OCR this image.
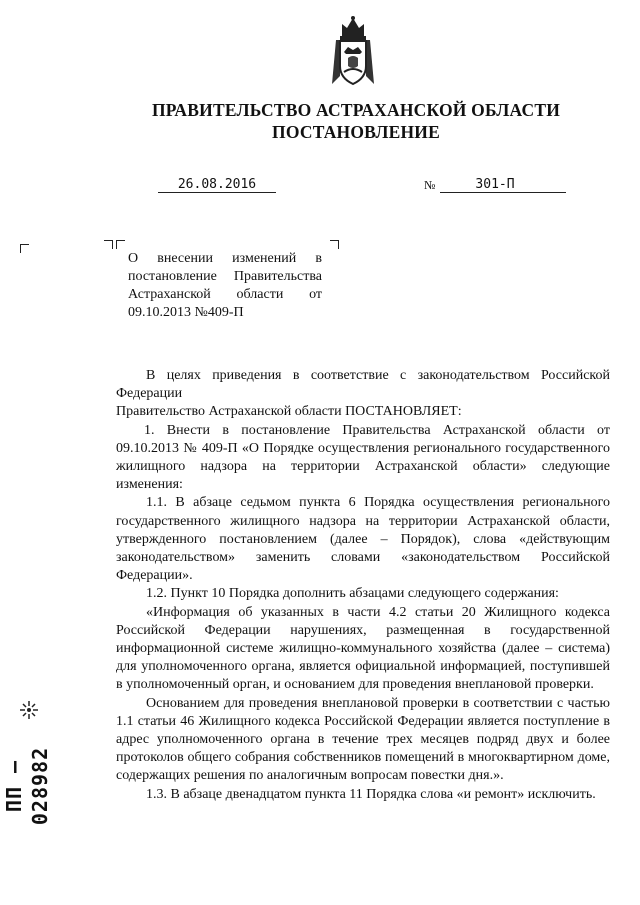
ПРАВИТЕЛЬСТВО АСТРАХАНСКОЙ ОБЛАСТИ
ПОСТАНОВЛЕНИЕ
26.08.2016	№	301-П
О внесении изменений в
постановление Правительства
Астраханской области от
09.10.2013 №409-П

В целях приведения в соответствие с законодательством Российской Федерации

Правительство Астраханской области ПОСТАНОВЛЯЕТ:

1. Внести в постановление Правительства Астраханской области от 09.10.2013 № 409-П «О Порядке осуществления регионального государственного жилищного надзора на территории Астраханской области» следующие изменения:

1.1. В абзаце седьмом пункта 6 Порядка осуществления регионального государственного жилищного надзора на территории Астраханской области, утвержденного постановлением (далее – Порядок), слова «действующим законодательством» заменить словами «законодательством Российской Федерации».

1.2. Пункт 10 Порядка дополнить абзацами следующего содержания:

«Информация об указанных в части 4.2 статьи 20 Жилищного кодекса Российской Федерации нарушениях, размещенная в государственной информационной системе жилищно-коммунального хозяйства (далее – система) для уполномоченного органа, является официальной информацией, поступившей в уполномоченный орган, и основанием для проведения внеплановой проверки.

Основанием для проведения внеплановой проверки в соответствии с частью 1.1 статьи 46 Жилищного кодекса Российской Федерации является поступление в адрес уполномоченного органа в течение трех месяцев подряд двух и более протоколов общего собрания собственников помещений в многоквартирном доме, содержащих решения по аналогичным вопросам повестки дня.».

1.3. В абзаце двенадцатом пункта 11 Порядка слова «и ремонт» исключить.

ПП – 028982
